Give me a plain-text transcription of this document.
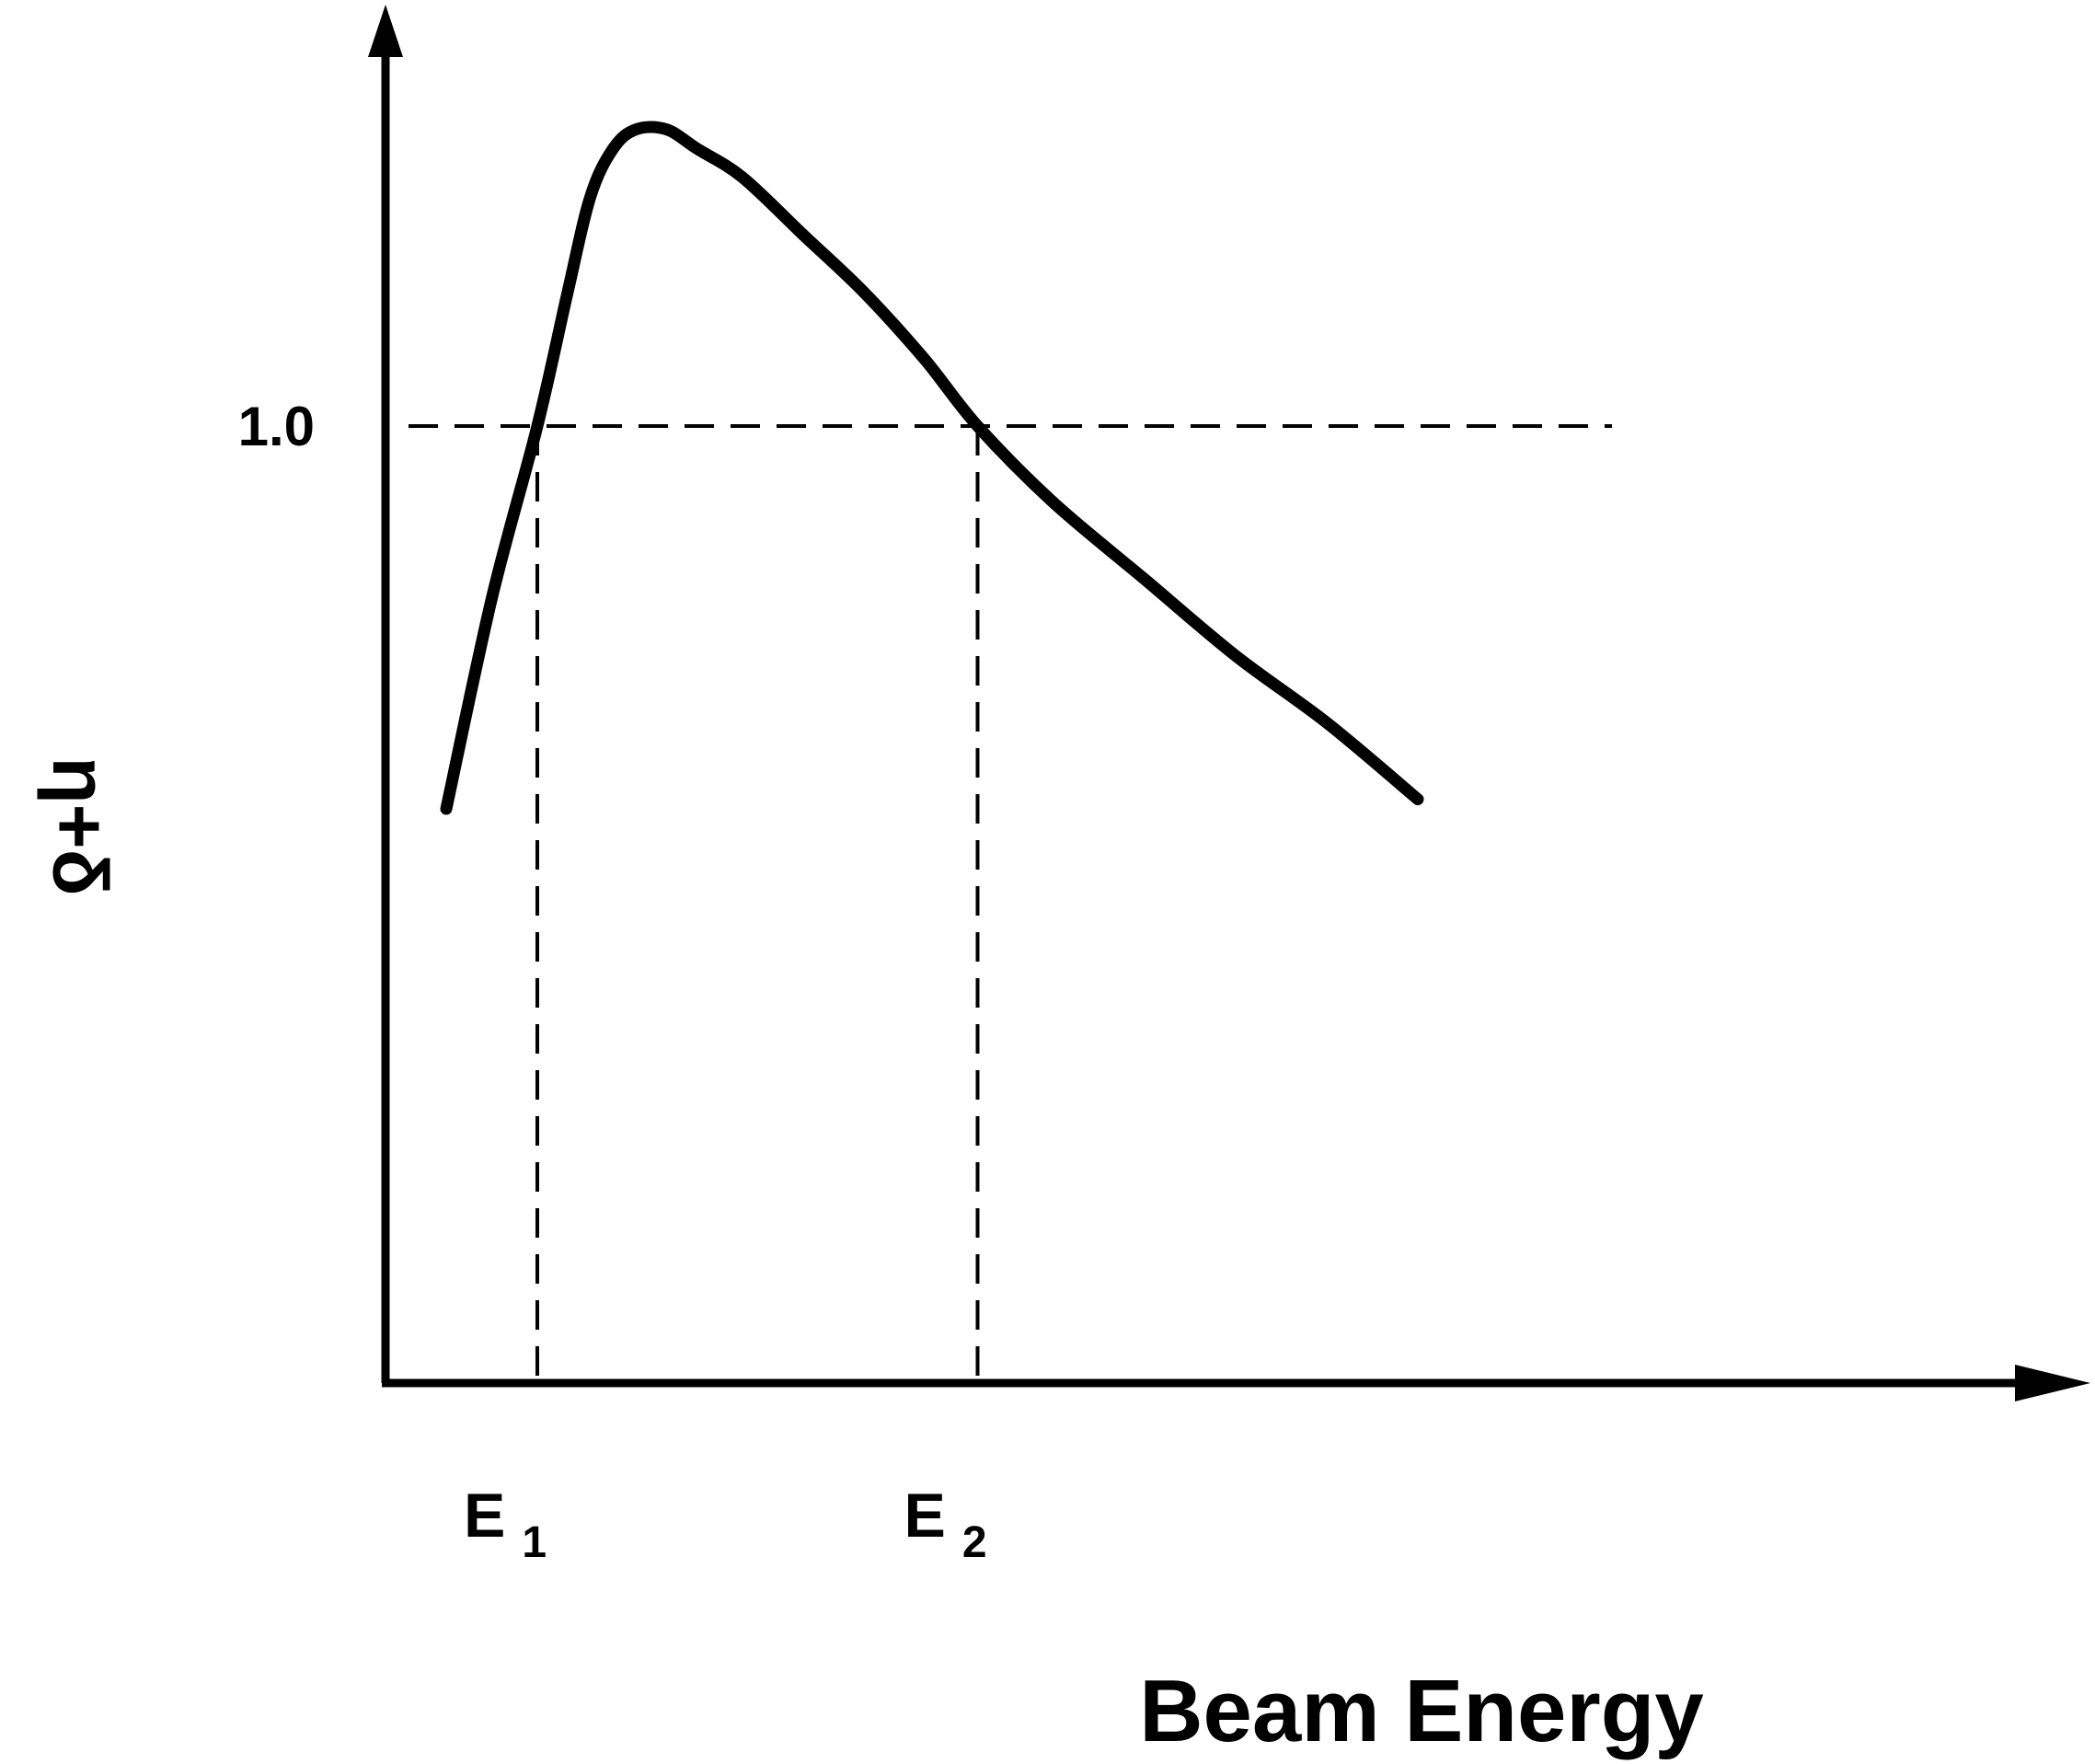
1.0
E $_1$	E $_2$
Beam Energy
η+δ
